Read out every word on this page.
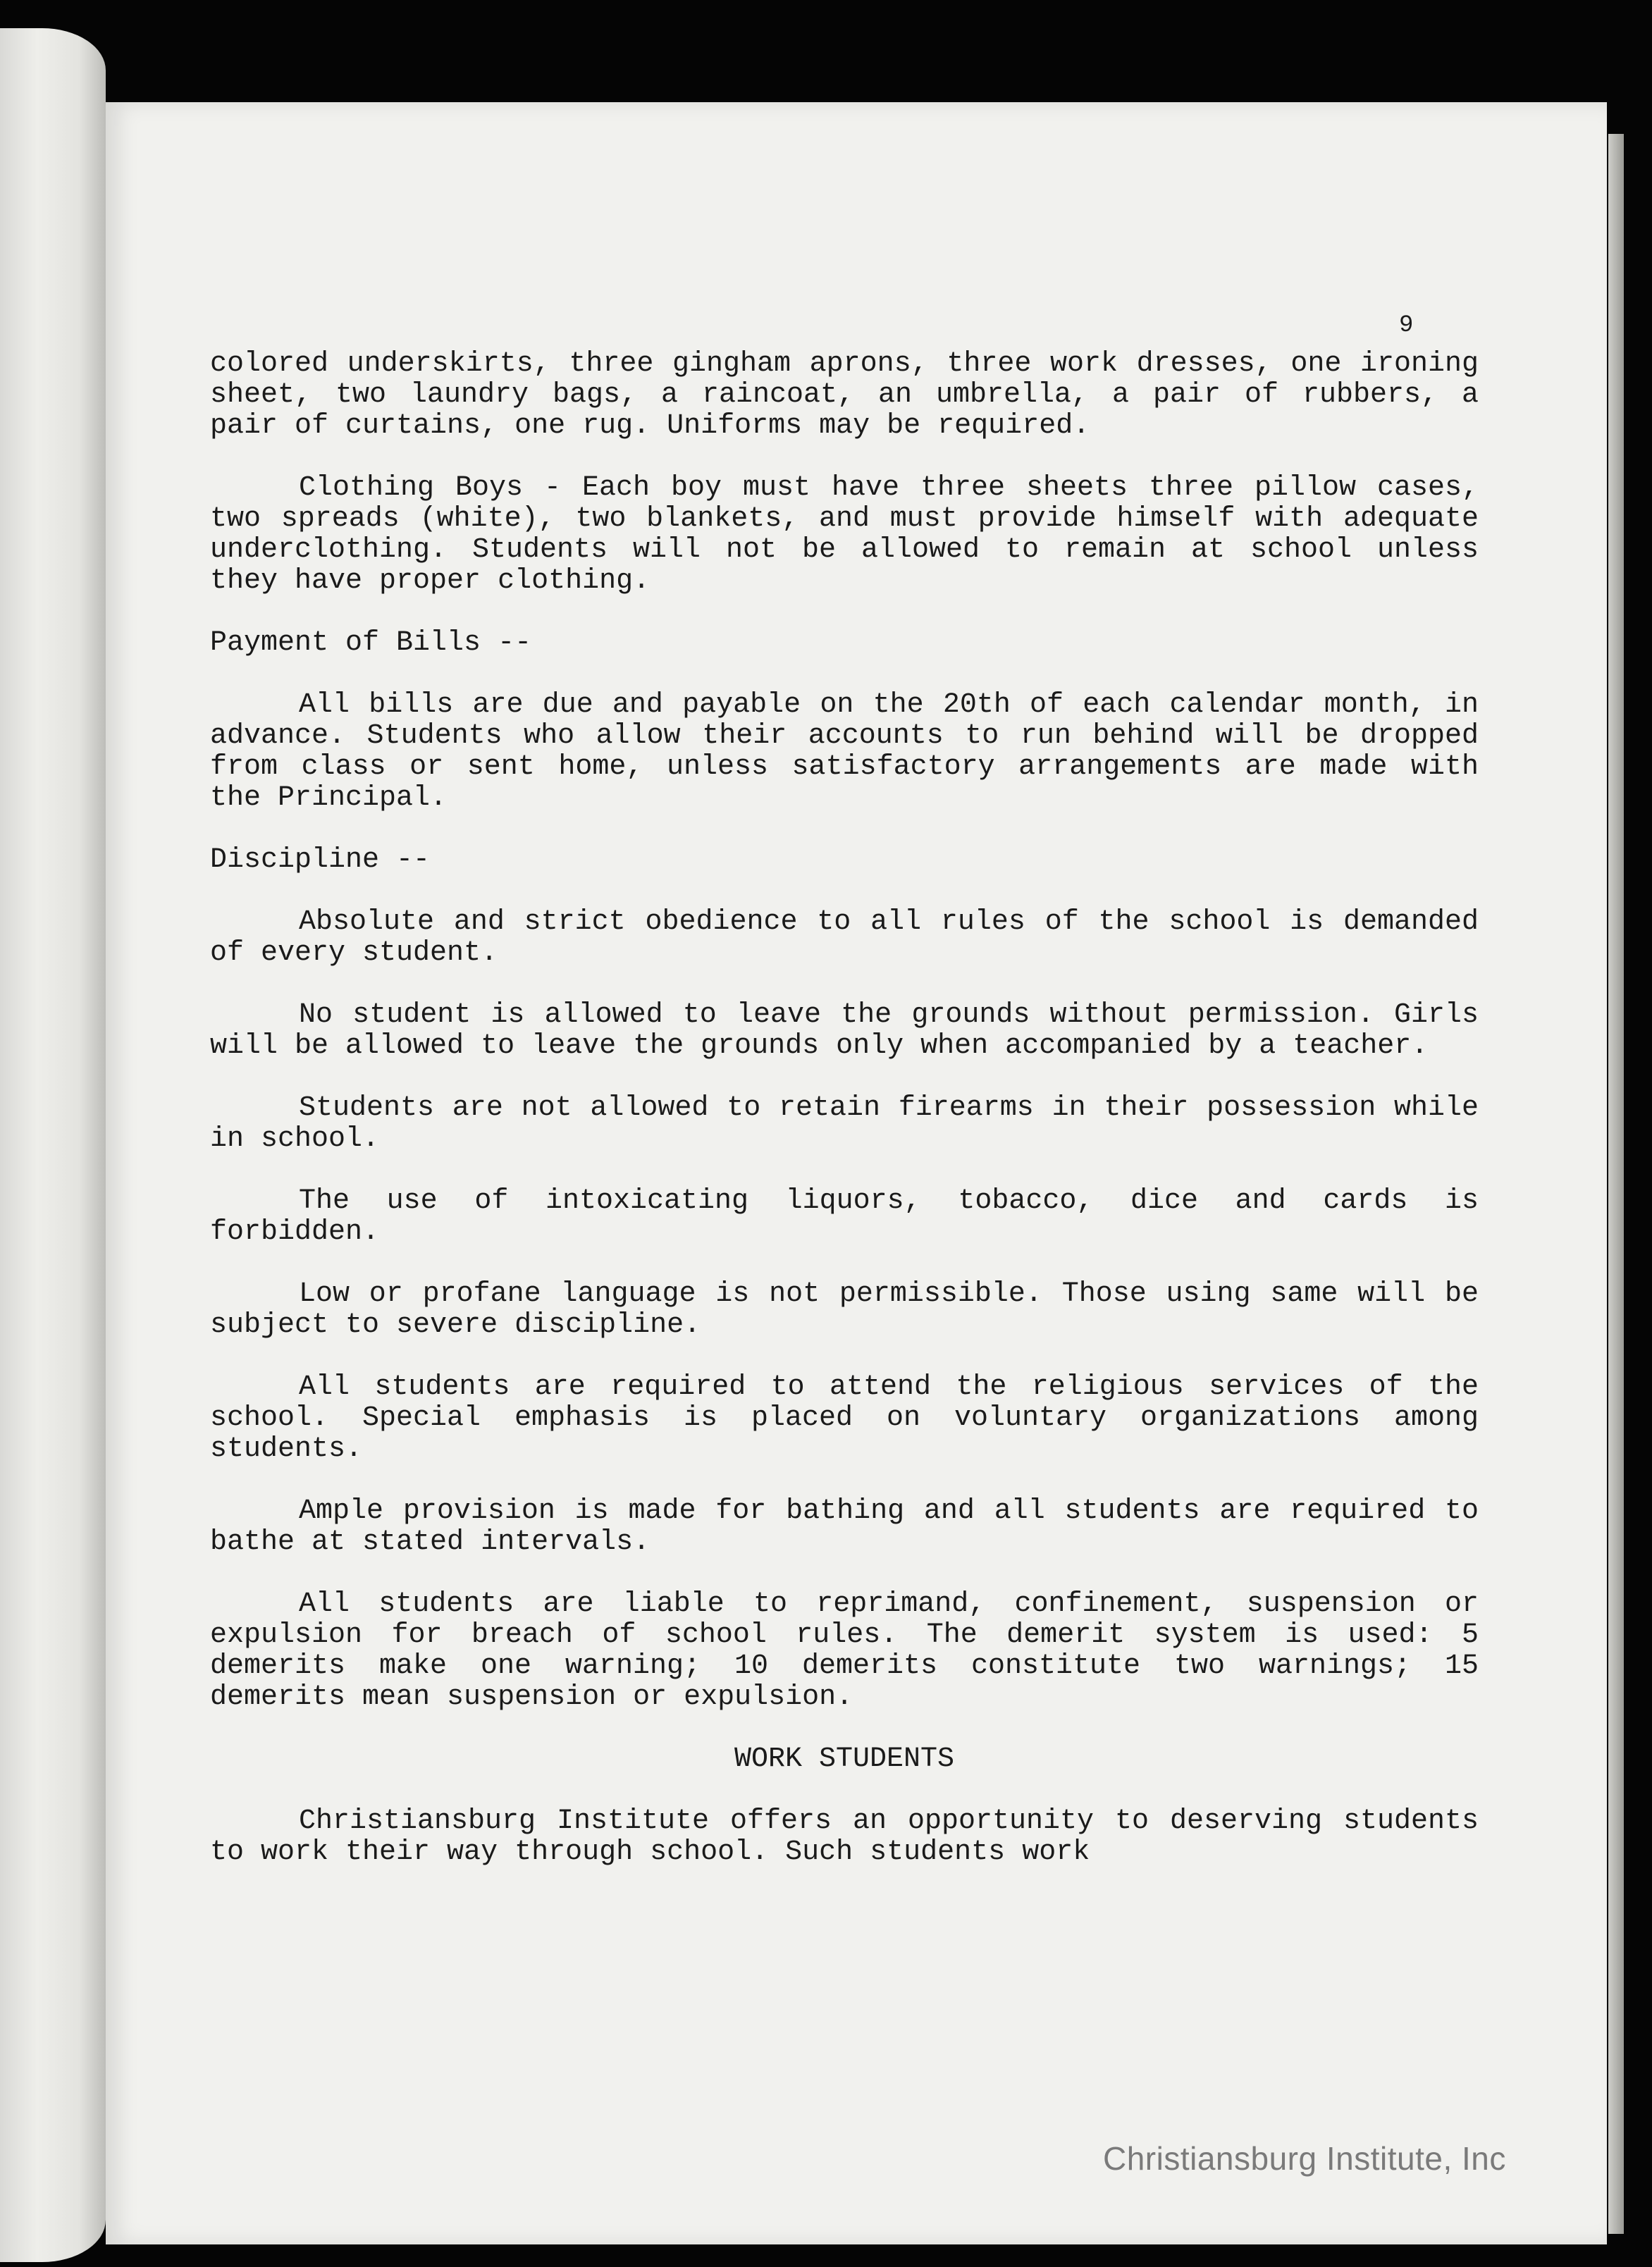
9

colored underskirts, three gingham aprons, three work dresses, one ironing sheet, two laundry bags, a raincoat, an umbrella, a pair of rubbers, a pair of curtains, one rug. Uniforms may be required.

Clothing Boys - Each boy must have three sheets three pillow cases, two spreads (white), two blankets, and must provide himself with adequate underclothing. Students will not be allowed to remain at school unless they have proper clothing.

Payment of Bills --

All bills are due and payable on the 20th of each calendar month, in advance. Students who allow their accounts to run behind will be dropped from class or sent home, unless satisfactory arrangements are made with the Principal.

Discipline --

Absolute and strict obedience to all rules of the school is demanded of every student.

No student is allowed to leave the grounds without permission. Girls will be allowed to leave the grounds only when accompanied by a teacher.

Students are not allowed to retain firearms in their possession while in school.

The use of intoxicating liquors, tobacco, dice and cards is forbidden.

Low or profane language is not permissible. Those using same will be subject to severe discipline.

All students are required to attend the religious services of the school. Special emphasis is placed on voluntary organizations among students.

Ample provision is made for bathing and all students are required to bathe at stated intervals.

All students are liable to reprimand, confinement, suspension or expulsion for breach of school rules. The demerit system is used: 5 demerits make one warning; 10 demerits constitute two warnings; 15 demerits mean suspension or expulsion.

WORK STUDENTS

Christiansburg Institute offers an opportunity to deserving students to work their way through school. Such students work

Christiansburg Institute, Inc
